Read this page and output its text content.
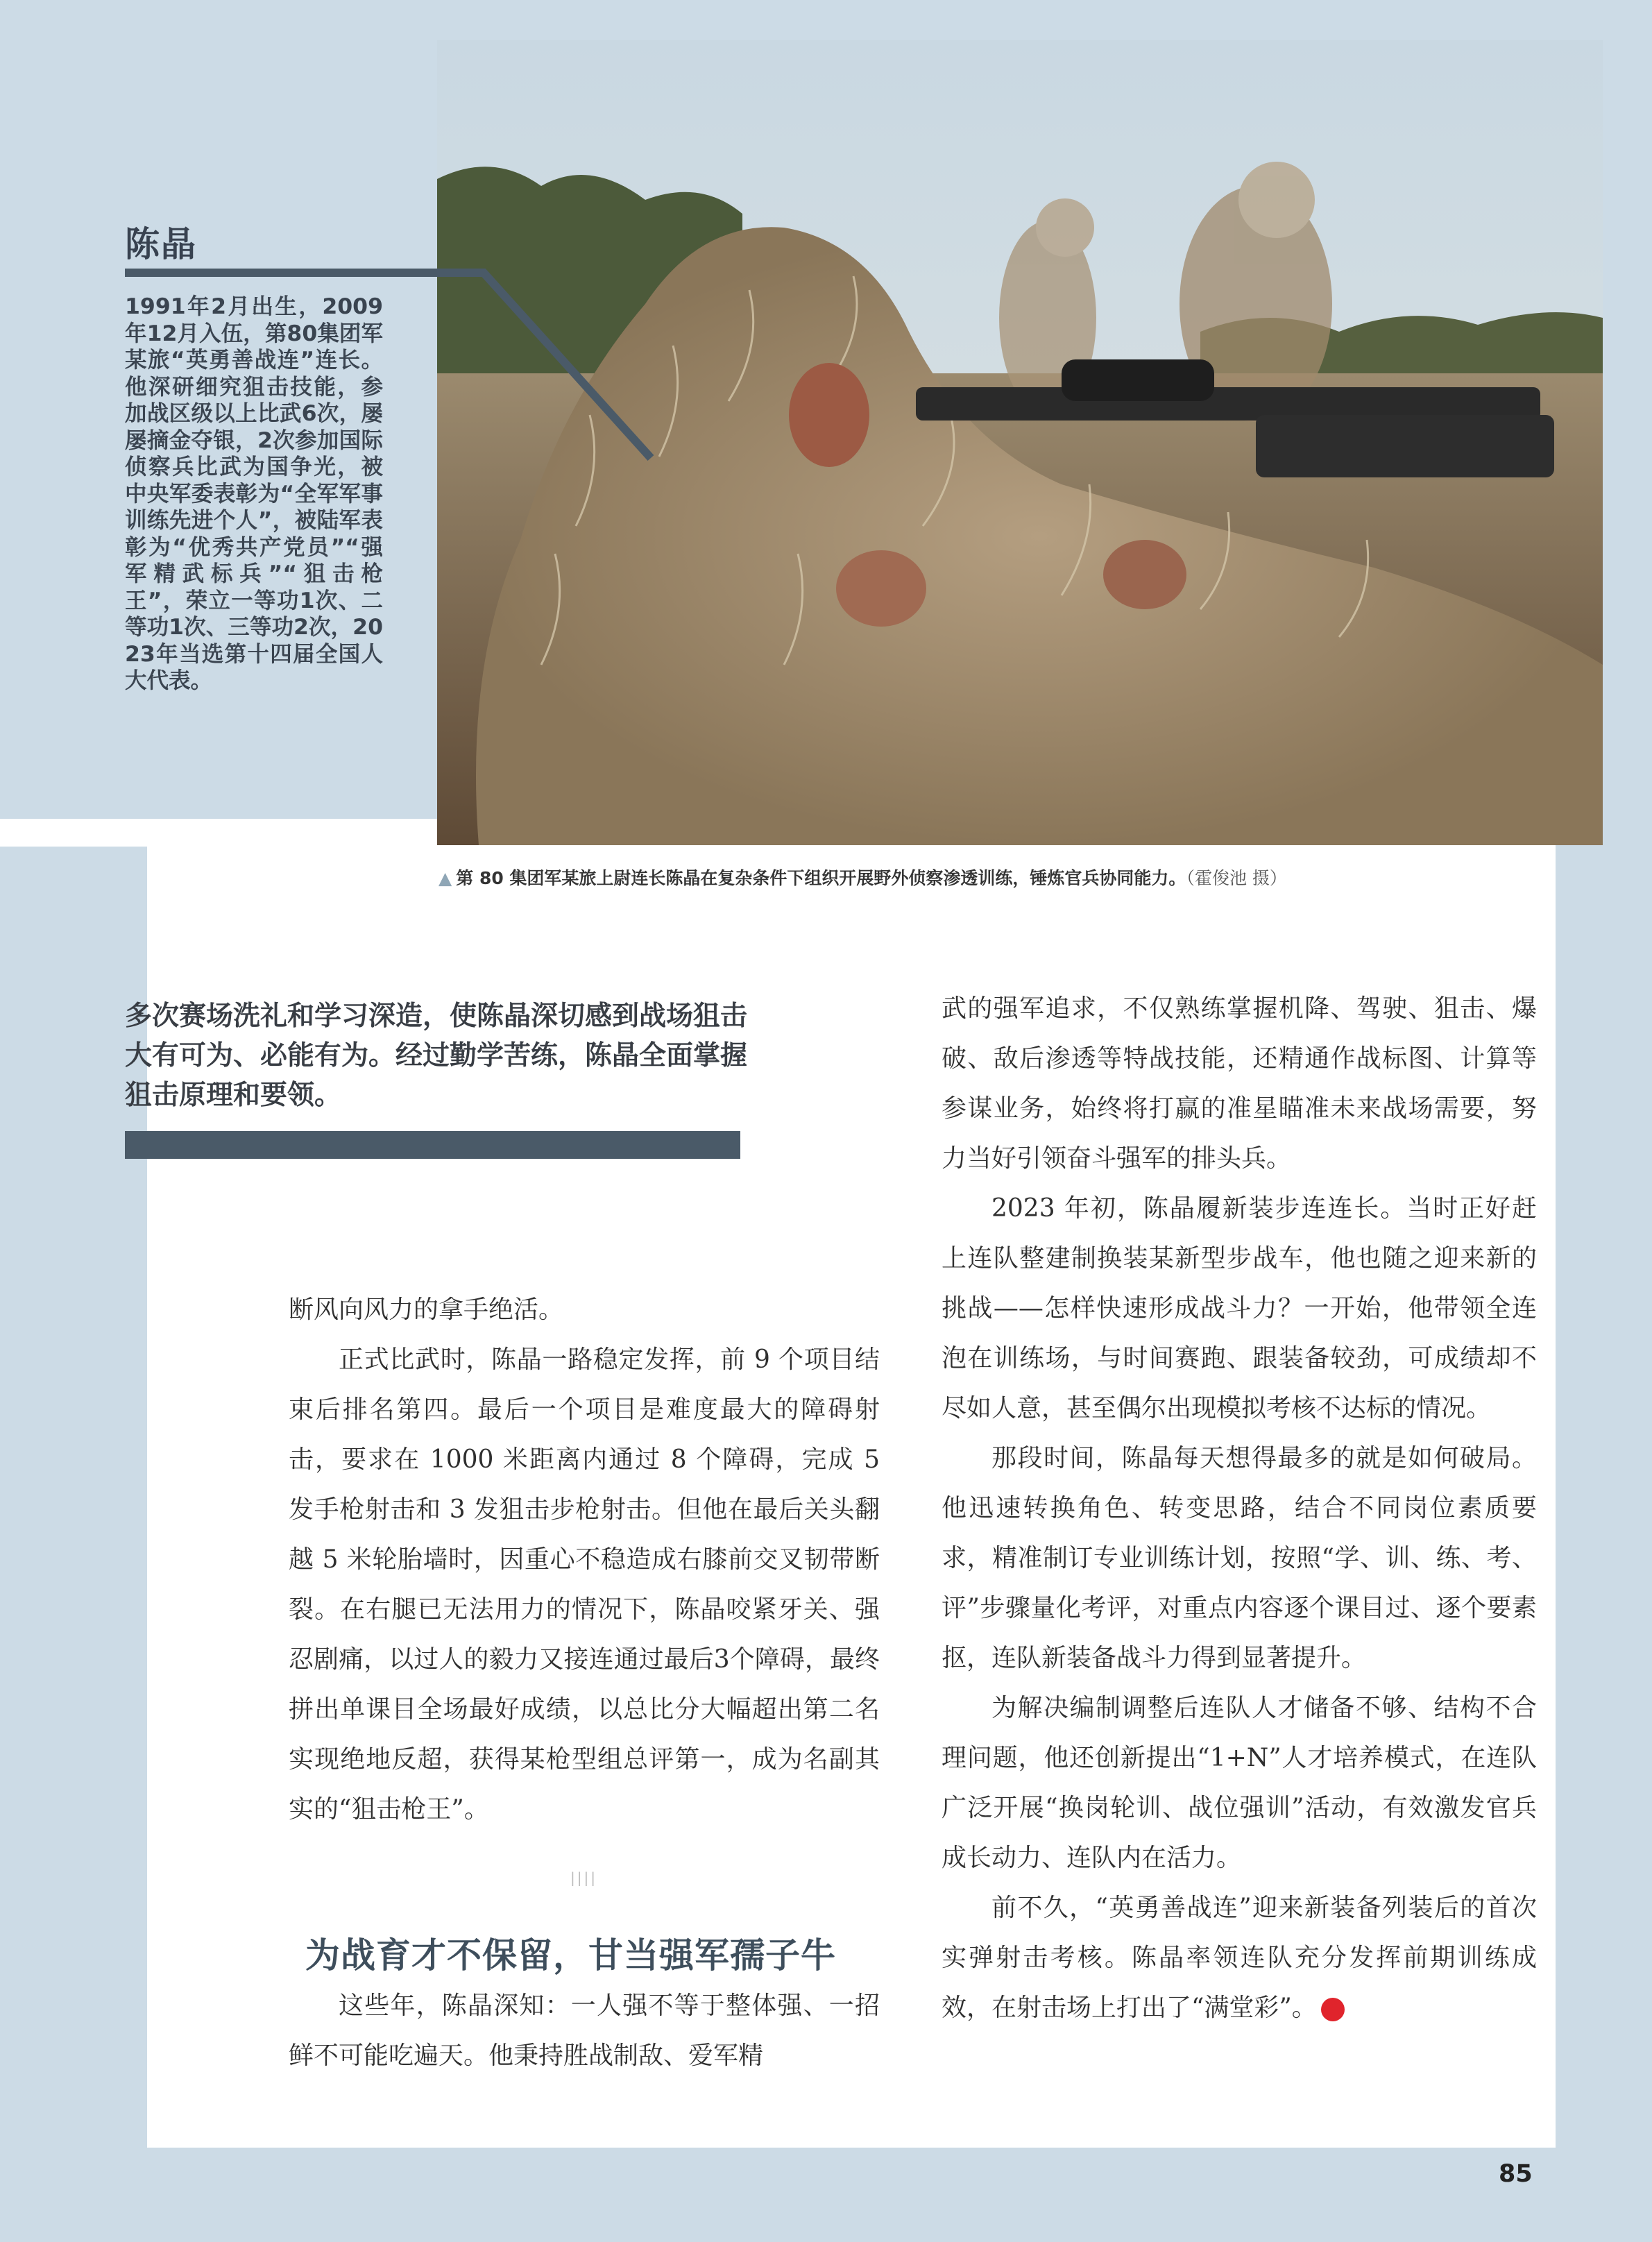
陈晶
1991年2月出生，2009年12月入伍，第80集团军某旅“英勇善战连”连长。他深研细究狙击技能，参加战区级以上比武6次，屡屡摘金夺银，2次参加国际侦察兵比武为国争光，被中央军委表彰为“全军军事训练先进个人”，被陆军表彰为“优秀共产党员”“强军精武标兵”“狙击枪王”，荣立一等功1次、二等功1次、三等功2次，2023年当选第十四届全国人大代表。
▲ 第 80 集团军某旅上尉连长陈晶在复杂条件下组织开展野外侦察渗透训练，锤炼官兵协同能力。（霍俊池 摄）
多次赛场洗礼和学习深造，使陈晶深切感到战场狙击大有可为、必能有为。经过勤学苦练，陈晶全面掌握狙击原理和要领。

断风向风力的拿手绝活。

正式比武时，陈晶一路稳定发挥，前 9 个项目结束后排名第四。最后一个项目是难度最大的障碍射击，要求在 1000 米距离内通过 8 个障碍，完成 5 发手枪射击和 3 发狙击步枪射击。但他在最后关头翻越 5 米轮胎墙时，因重心不稳造成右膝前交叉韧带断裂。在右腿已无法用力的情况下，陈晶咬紧牙关、强忍剧痛，以过人的毅力又接连通过最后3个障碍，最终拼出单课目全场最好成绩，以总比分大幅超出第二名实现绝地反超，获得某枪型组总评第一，成为名副其实的“狙击枪王”。

||||
为战育才不保留，甘当强军孺子牛

这些年，陈晶深知：一人强不等于整体强、一招鲜不可能吃遍天。他秉持胜战制敌、爱军精

武的强军追求，不仅熟练掌握机降、驾驶、狙击、爆破、敌后渗透等特战技能，还精通作战标图、计算等参谋业务，始终将打赢的准星瞄准未来战场需要，努力当好引领奋斗强军的排头兵。

2023 年初，陈晶履新装步连连长。当时正好赶上连队整建制换装某新型步战车，他也随之迎来新的挑战——怎样快速形成战斗力？一开始，他带领全连泡在训练场，与时间赛跑、跟装备较劲，可成绩却不尽如人意，甚至偶尔出现模拟考核不达标的情况。

那段时间，陈晶每天想得最多的就是如何破局。他迅速转换角色、转变思路，结合不同岗位素质要求，精准制订专业训练计划，按照“学、训、练、考、评”步骤量化考评，对重点内容逐个课目过、逐个要素抠，连队新装备战斗力得到显著提升。

为解决编制调整后连队人才储备不够、结构不合理问题，他还创新提出“1+N”人才培养模式，在连队广泛开展“换岗轮训、战位强训”活动，有效激发官兵成长动力、连队内在活力。

前不久，“英勇善战连”迎来新装备列装后的首次实弹射击考核。陈晶率领连队充分发挥前期训练成效，在射击场上打出了“满堂彩”。	N

85
